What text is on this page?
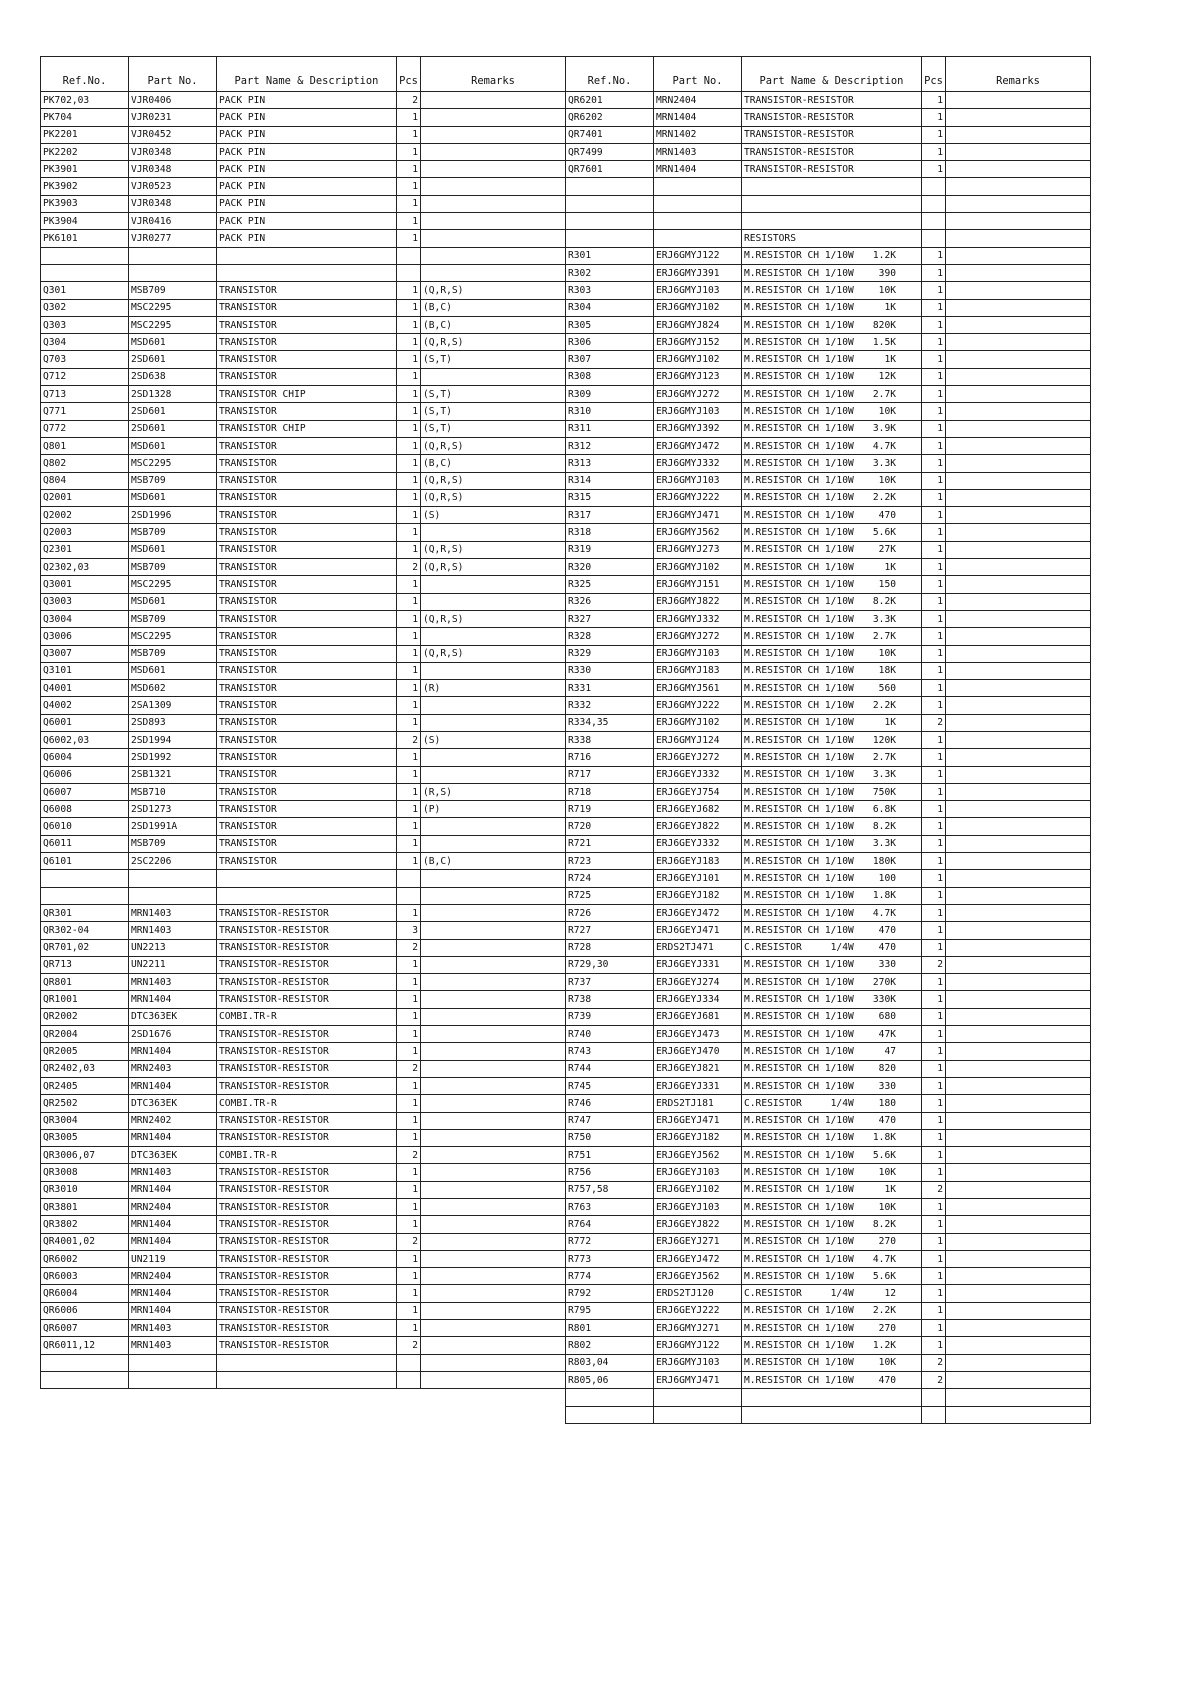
Ref.No.	Part No.	Part Name & Description	Pcs	Remarks
PK702,03	VJR0406	PACK PIN	2	
PK704	VJR0231	PACK PIN	1	
PK2201	VJR0452	PACK PIN	1	
PK2202	VJR0348	PACK PIN	1	
PK3901	VJR0348	PACK PIN	1	
PK3902	VJR0523	PACK PIN	1	
PK3903	VJR0348	PACK PIN	1	
PK3904	VJR0416	PACK PIN	1	
PK6101	VJR0277	PACK PIN	1	

Q301	MSB709	TRANSISTOR	1	(Q,R,S)
Q302	MSC2295	TRANSISTOR	1	(B,C)
Q303	MSC2295	TRANSISTOR	1	(B,C)
Q304	MSD601	TRANSISTOR	1	(Q,R,S)
Q703	2SD601	TRANSISTOR	1	(S,T)
Q712	2SD638	TRANSISTOR	1	
Q713	2SD1328	TRANSISTOR CHIP	1	(S,T)
Q771	2SD601	TRANSISTOR	1	(S,T)
Q772	2SD601	TRANSISTOR CHIP	1	(S,T)
Q801	MSD601	TRANSISTOR	1	(Q,R,S)
Q802	MSC2295	TRANSISTOR	1	(B,C)
Q804	MSB709	TRANSISTOR	1	(Q,R,S)
Q2001	MSD601	TRANSISTOR	1	(Q,R,S)
Q2002	2SD1996	TRANSISTOR	1	(S)
Q2003	MSB709	TRANSISTOR	1	
Q2301	MSD601	TRANSISTOR	1	(Q,R,S)
Q2302,03	MSB709	TRANSISTOR	2	(Q,R,S)
Q3001	MSC2295	TRANSISTOR	1	
Q3003	MSD601	TRANSISTOR	1	
Q3004	MSB709	TRANSISTOR	1	(Q,R,S)
Q3006	MSC2295	TRANSISTOR	1	
Q3007	MSB709	TRANSISTOR	1	(Q,R,S)
Q3101	MSD601	TRANSISTOR	1	
Q4001	MSD602	TRANSISTOR	1	(R)
Q4002	2SA1309	TRANSISTOR	1	
Q6001	2SD893	TRANSISTOR	1	
Q6002,03	2SD1994	TRANSISTOR	2	(S)
Q6004	2SD1992	TRANSISTOR	1	
Q6006	2SB1321	TRANSISTOR	1	
Q6007	MSB710	TRANSISTOR	1	(R,S)
Q6008	2SD1273	TRANSISTOR	1	(P)
Q6010	2SD1991A	TRANSISTOR	1	
Q6011	MSB709	TRANSISTOR	1	
Q6101	2SC2206	TRANSISTOR	1	(B,C)

QR301	MRN1403	TRANSISTOR-RESISTOR	1	
QR302-04	MRN1403	TRANSISTOR-RESISTOR	3	
QR701,02	UN2213	TRANSISTOR-RESISTOR	2	
QR713	UN2211	TRANSISTOR-RESISTOR	1	
QR801	MRN1403	TRANSISTOR-RESISTOR	1	
QR1001	MRN1404	TRANSISTOR-RESISTOR	1	
QR2002	DTC363EK	COMBI.TR-R	1	
QR2004	2SD1676	TRANSISTOR-RESISTOR	1	
QR2005	MRN1404	TRANSISTOR-RESISTOR	1	
QR2402,03	MRN2403	TRANSISTOR-RESISTOR	2	
QR2405	MRN1404	TRANSISTOR-RESISTOR	1	
QR2502	DTC363EK	COMBI.TR-R	1	
QR3004	MRN2402	TRANSISTOR-RESISTOR	1	
QR3005	MRN1404	TRANSISTOR-RESISTOR	1	
QR3006,07	DTC363EK	COMBI.TR-R	2	
QR3008	MRN1403	TRANSISTOR-RESISTOR	1	
QR3010	MRN1404	TRANSISTOR-RESISTOR	1	
QR3801	MRN2404	TRANSISTOR-RESISTOR	1	
QR3802	MRN1404	TRANSISTOR-RESISTOR	1	
QR4001,02	MRN1404	TRANSISTOR-RESISTOR	2	
QR6002	UN2119	TRANSISTOR-RESISTOR	1	
QR6003	MRN2404	TRANSISTOR-RESISTOR	1	
QR6004	MRN1404	TRANSISTOR-RESISTOR	1	
QR6006	MRN1404	TRANSISTOR-RESISTOR	1	
QR6007	MRN1403	TRANSISTOR-RESISTOR	1	
QR6011,12	MRN1403	TRANSISTOR-RESISTOR	2	

Ref.No.	Part No.	Part Name & Description	Pcs	Remarks
QR6201	MRN2404	TRANSISTOR-RESISTOR	1	
QR6202	MRN1404	TRANSISTOR-RESISTOR	1	
QR7401	MRN1402	TRANSISTOR-RESISTOR	1	
QR7499	MRN1403	TRANSISTOR-RESISTOR	1	
QR7601	MRN1404	TRANSISTOR-RESISTOR	1	

		RESISTORS		
R301	ERJ6GMYJ122	M.RESISTOR CH 1/10W 1.2K	1	
R302	ERJ6GMYJ391	M.RESISTOR CH 1/10W 390	1	
R303	ERJ6GMYJ103	M.RESISTOR CH 1/10W 10K	1	
R304	ERJ6GMYJ102	M.RESISTOR CH 1/10W 1K	1	
R305	ERJ6GMYJ824	M.RESISTOR CH 1/10W 820K	1	
R306	ERJ6GMYJ152	M.RESISTOR CH 1/10W 1.5K	1	
R307	ERJ6GMYJ102	M.RESISTOR CH 1/10W 1K	1	
R308	ERJ6GMYJ123	M.RESISTOR CH 1/10W 12K	1	
R309	ERJ6GMYJ272	M.RESISTOR CH 1/10W 2.7K	1	
R310	ERJ6GMYJ103	M.RESISTOR CH 1/10W 10K	1	
R311	ERJ6GMYJ392	M.RESISTOR CH 1/10W 3.9K	1	
R312	ERJ6GMYJ472	M.RESISTOR CH 1/10W 4.7K	1	
R313	ERJ6GMYJ332	M.RESISTOR CH 1/10W 3.3K	1	
R314	ERJ6GMYJ103	M.RESISTOR CH 1/10W 10K	1	
R315	ERJ6GMYJ222	M.RESISTOR CH 1/10W 2.2K	1	
R317	ERJ6GMYJ471	M.RESISTOR CH 1/10W 470	1	
R318	ERJ6GMYJ562	M.RESISTOR CH 1/10W 5.6K	1	
R319	ERJ6GMYJ273	M.RESISTOR CH 1/10W 27K	1	
R320	ERJ6GMYJ102	M.RESISTOR CH 1/10W 1K	1	
R325	ERJ6GMYJ151	M.RESISTOR CH 1/10W 150	1	
R326	ERJ6GMYJ822	M.RESISTOR CH 1/10W 8.2K	1	
R327	ERJ6GMYJ332	M.RESISTOR CH 1/10W 3.3K	1	
R328	ERJ6GMYJ272	M.RESISTOR CH 1/10W 2.7K	1	
R329	ERJ6GMYJ103	M.RESISTOR CH 1/10W 10K	1	
R330	ERJ6GMYJ183	M.RESISTOR CH 1/10W 18K	1	
R331	ERJ6GMYJ561	M.RESISTOR CH 1/10W 560	1	
R332	ERJ6GMYJ222	M.RESISTOR CH 1/10W 2.2K	1	
R334,35	ERJ6GMYJ102	M.RESISTOR CH 1/10W 1K	2	
R338	ERJ6GMYJ124	M.RESISTOR CH 1/10W 120K	1	
R716	ERJ6GEYJ272	M.RESISTOR CH 1/10W 2.7K	1	
R717	ERJ6GEYJ332	M.RESISTOR CH 1/10W 3.3K	1	
R718	ERJ6GEYJ754	M.RESISTOR CH 1/10W 750K	1	
R719	ERJ6GEYJ682	M.RESISTOR CH 1/10W 6.8K	1	
R720	ERJ6GEYJ822	M.RESISTOR CH 1/10W 8.2K	1	
R721	ERJ6GEYJ332	M.RESISTOR CH 1/10W 3.3K	1	
R723	ERJ6GEYJ183	M.RESISTOR CH 1/10W 180K	1	
R724	ERJ6GEYJ101	M.RESISTOR CH 1/10W 100	1	
R725	ERJ6GEYJ182	M.RESISTOR CH 1/10W 1.8K	1	
R726	ERJ6GEYJ472	M.RESISTOR CH 1/10W 4.7K	1	
R727	ERJ6GEYJ471	M.RESISTOR CH 1/10W 470	1	
R728	ERDS2TJ471	C.RESISTOR     1/4W 470	1	
R729,30	ERJ6GEYJ331	M.RESISTOR CH 1/10W 330	2	
R737	ERJ6GEYJ274	M.RESISTOR CH 1/10W 270K	1	
R738	ERJ6GEYJ334	M.RESISTOR CH 1/10W 330K	1	
R739	ERJ6GEYJ681	M.RESISTOR CH 1/10W 680	1	
R740	ERJ6GEYJ473	M.RESISTOR CH 1/10W 47K	1	
R743	ERJ6GEYJ470	M.RESISTOR CH 1/10W 47	1	
R744	ERJ6GEYJ821	M.RESISTOR CH 1/10W 820	1	
R745	ERJ6GEYJ331	M.RESISTOR CH 1/10W 330	1	
R746	ERDS2TJ181	C.RESISTOR     1/4W 180	1	
R747	ERJ6GEYJ471	M.RESISTOR CH 1/10W 470	1	
R750	ERJ6GEYJ182	M.RESISTOR CH 1/10W 1.8K	1	
R751	ERJ6GEYJ562	M.RESISTOR CH 1/10W 5.6K	1	
R756	ERJ6GEYJ103	M.RESISTOR CH 1/10W 10K	1	
R757,58	ERJ6GEYJ102	M.RESISTOR CH 1/10W 1K	2	
R763	ERJ6GEYJ103	M.RESISTOR CH 1/10W 10K	1	
R764	ERJ6GEYJ822	M.RESISTOR CH 1/10W 8.2K	1	
R772	ERJ6GEYJ271	M.RESISTOR CH 1/10W 270	1	
R773	ERJ6GEYJ472	M.RESISTOR CH 1/10W 4.7K	1	
R774	ERJ6GEYJ562	M.RESISTOR CH 1/10W 5.6K	1	
R792	ERDS2TJ120	C.RESISTOR     1/4W 12	1	
R795	ERJ6GEYJ222	M.RESISTOR CH 1/10W 2.2K	1	
R801	ERJ6GMYJ271	M.RESISTOR CH 1/10W 270	1	
R802	ERJ6GMYJ122	M.RESISTOR CH 1/10W 1.2K	1	
R803,04	ERJ6GMYJ103	M.RESISTOR CH 1/10W 10K	2	
R805,06	ERJ6GMYJ471	M.RESISTOR CH 1/10W 470	2	
